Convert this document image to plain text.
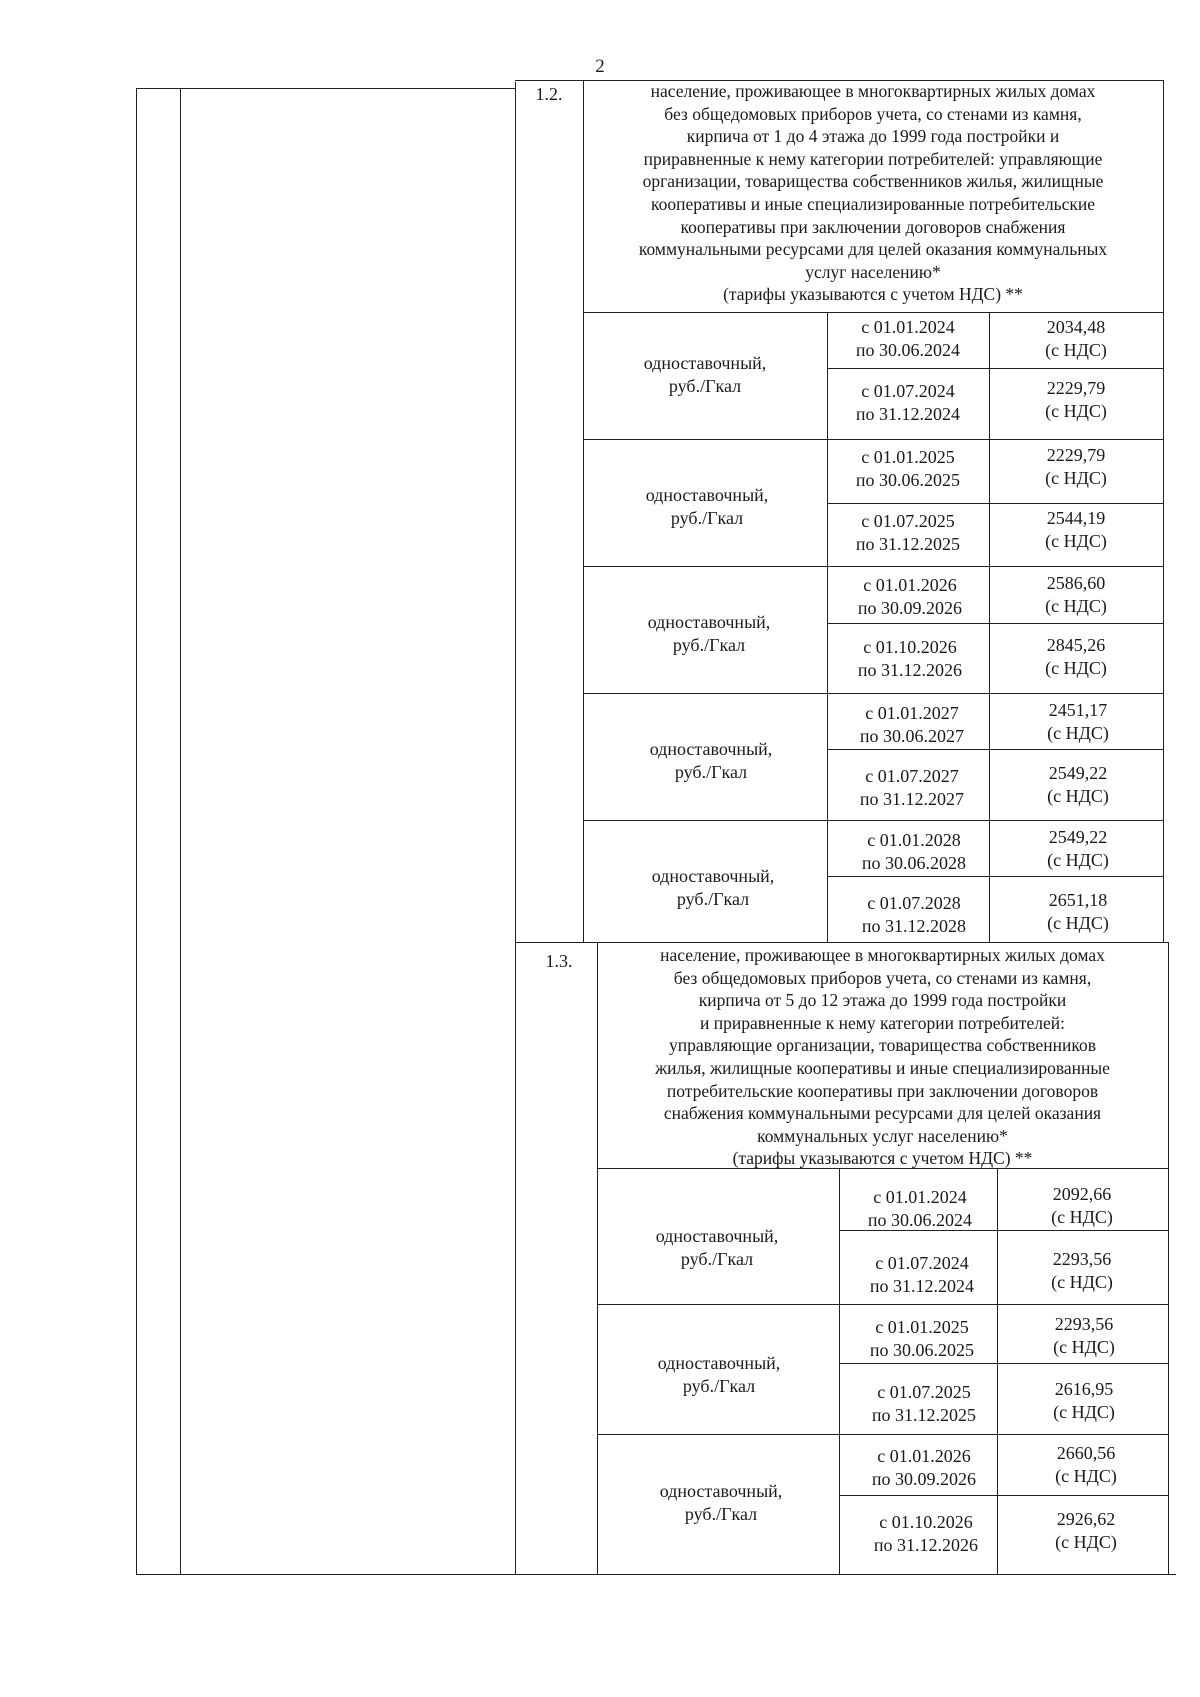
2
1.2.	население, проживающее в многоквартирных жилых домах
без общедомовых приборов учета, со стенами из камня,
кирпича от 1 до 4 этажа до 1999 года постройки и
приравненные к нему категории потребителей: управляющие
организации, товарищества собственников жилья, жилищные
кооперативы и иные специализированные потребительские
кооперативы при заключении договоров снабжения
коммунальными ресурсами для целей оказания коммунальных
услуг населению*
(тарифы указываются с учетом НДС) **
одноставочный,
руб./Гкал
с 01.01.2024
по 30.06.2024
2034,48
(с НДС)
с 01.07.2024
по 31.12.2024
2229,79
(с НДС)
одноставочный,
руб./Гкал
с 01.01.2025
по 30.06.2025
2229,79
(с НДС)
с 01.07.2025
по 31.12.2025
2544,19
(с НДС)
одноставочный,
руб./Гкал
с 01.01.2026
по 30.09.2026
2586,60
(с НДС)
с 01.10.2026
по 31.12.2026
2845,26
(с НДС)
одноставочный,
руб./Гкал
с 01.01.2027
по 30.06.2027
2451,17
(с НДС)
с 01.07.2027
по 31.12.2027
2549,22
(с НДС)
одноставочный,
руб./Гкал
с 01.01.2028
по 30.06.2028
2549,22
(с НДС)
с 01.07.2028
по 31.12.2028
2651,18
(с НДС)
1.3.	население, проживающее в многоквартирных жилых домах
без общедомовых приборов учета, со стенами из камня,
кирпича от 5 до 12 этажа до 1999 года постройки
и приравненные к нему категории потребителей:
управляющие организации, товарищества собственников
жилья, жилищные кооперативы и иные специализированные
потребительские кооперативы при заключении договоров
снабжения коммунальными ресурсами для целей оказания
коммунальных услуг населению*
(тарифы указываются с учетом НДС) **
одноставочный,
руб./Гкал
с 01.01.2024
по 30.06.2024
2092,66
(с НДС)
с 01.07.2024
по 31.12.2024
2293,56
(с НДС)
одноставочный,
руб./Гкал
с 01.01.2025
по 30.06.2025
2293,56
(с НДС)
с 01.07.2025
по 31.12.2025
2616,95
(с НДС)
одноставочный,
руб./Гкал
с 01.01.2026
по 30.09.2026
2660,56
(с НДС)
с 01.10.2026
по 31.12.2026
2926,62
(с НДС)
